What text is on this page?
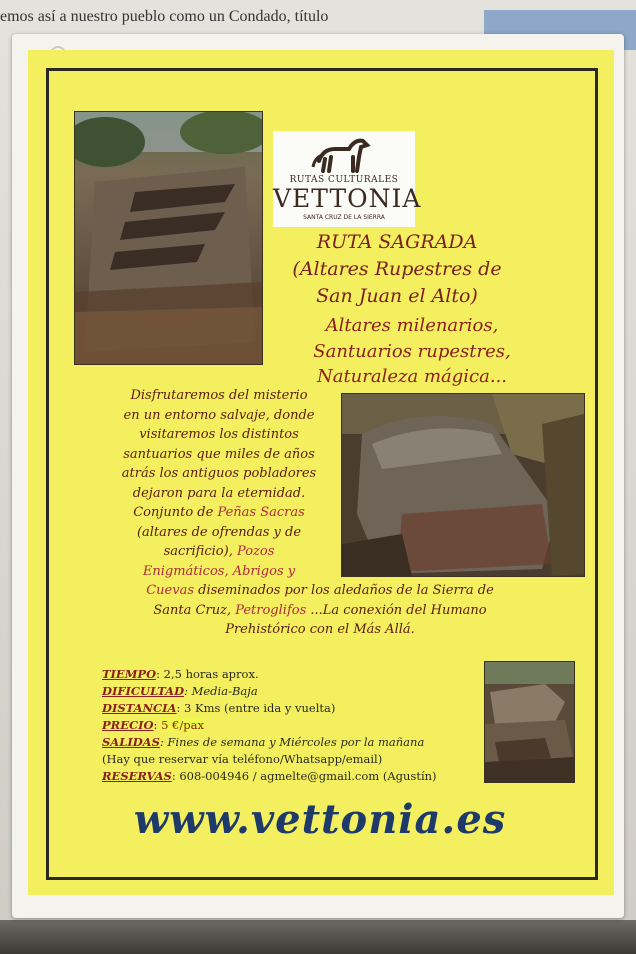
emos así a nuestro pueblo como un Condado, título
RUTAS CULTURALES
VETTONIA
SANTA CRUZ DE LA SIERRA
RUTA SAGRADA
(Altares Rupestres de
San Juan el Alto)
Altares milenarios,
Santuarios rupestres,
Naturaleza mágica...
Disfrutaremos del misterio
en un entorno salvaje, donde
visitaremos los distintos
santuarios que miles de años
atrás los antiguos pobladores
dejaron para la eternidad.
Conjunto de Peñas Sacras
(altares de ofrendas y de
sacrificio), Pozos
Enigmáticos, Abrigos y
Cuevas diseminados por los aledaños de la Sierra de
Santa Cruz, Petroglifos ...La conexión del Humano
Prehistórico con el Más Allá.
TIEMPO: 2,5 horas aprox.
DIFICULTAD: Media-Baja
DISTANCIA: 3 Kms (entre ida y vuelta)
PRECIO: 5 €/pax
SALIDAS: Fines de semana y Miércoles por la mañana
(Hay que reservar vía teléfono/Whatsapp/email)
RESERVAS: 608-004946 / agmelte@gmail.com (Agustín)
www.vettonia.es
